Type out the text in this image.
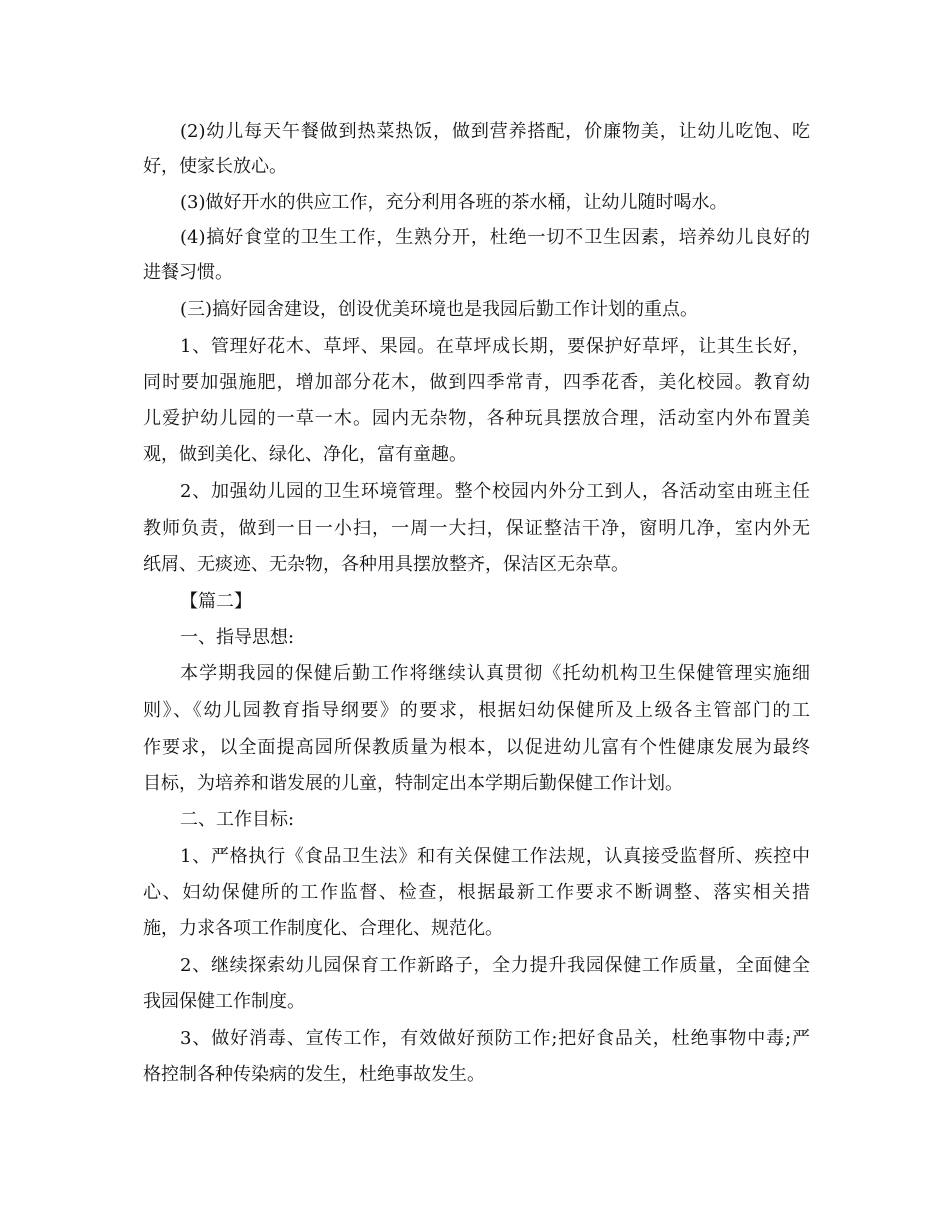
(2)幼儿每天午餐做到热菜热饭，做到营养搭配，价廉物美，让幼儿吃饱、吃
好，使家长放心。
(3)做好开水的供应工作，充分利用各班的茶水桶，让幼儿随时喝水。
(4)搞好食堂的卫生工作，生熟分开，杜绝一切不卫生因素，培养幼儿良好的
进餐习惯。
(三)搞好园舍建设，创设优美环境也是我园后勤工作计划的重点。
1、管理好花木、草坪、果园。在草坪成长期，要保护好草坪，让其生长好，
同时要加强施肥，增加部分花木，做到四季常青，四季花香，美化校园。教育幼
儿爱护幼儿园的一草一木。园内无杂物，各种玩具摆放合理，活动室内外布置美
观，做到美化、绿化、净化，富有童趣。
2、加强幼儿园的卫生环境管理。整个校园内外分工到人，各活动室由班主任
教师负责，做到一日一小扫，一周一大扫，保证整洁干净，窗明几净，室内外无
纸屑、无痰迹、无杂物，各种用具摆放整齐，保洁区无杂草。
【篇二】
一、指导思想:
本学期我园的保健后勤工作将继续认真贯彻《托幼机构卫生保健管理实施细
则》、《幼儿园教育指导纲要》的要求，根据妇幼保健所及上级各主管部门的工
作要求，以全面提高园所保教质量为根本，以促进幼儿富有个性健康发展为最终
目标，为培养和谐发展的儿童，特制定出本学期后勤保健工作计划。
二、工作目标:
1、严格执行《食品卫生法》和有关保健工作法规，认真接受监督所、疾控中
心、妇幼保健所的工作监督、检查，根据最新工作要求不断调整、落实相关措
施，力求各项工作制度化、合理化、规范化。
2、继续探索幼儿园保育工作新路子，全力提升我园保健工作质量，全面健全
我园保健工作制度。
3、做好消毒、宣传工作，有效做好预防工作;把好食品关，杜绝事物中毒;严
格控制各种传染病的发生，杜绝事故发生。
